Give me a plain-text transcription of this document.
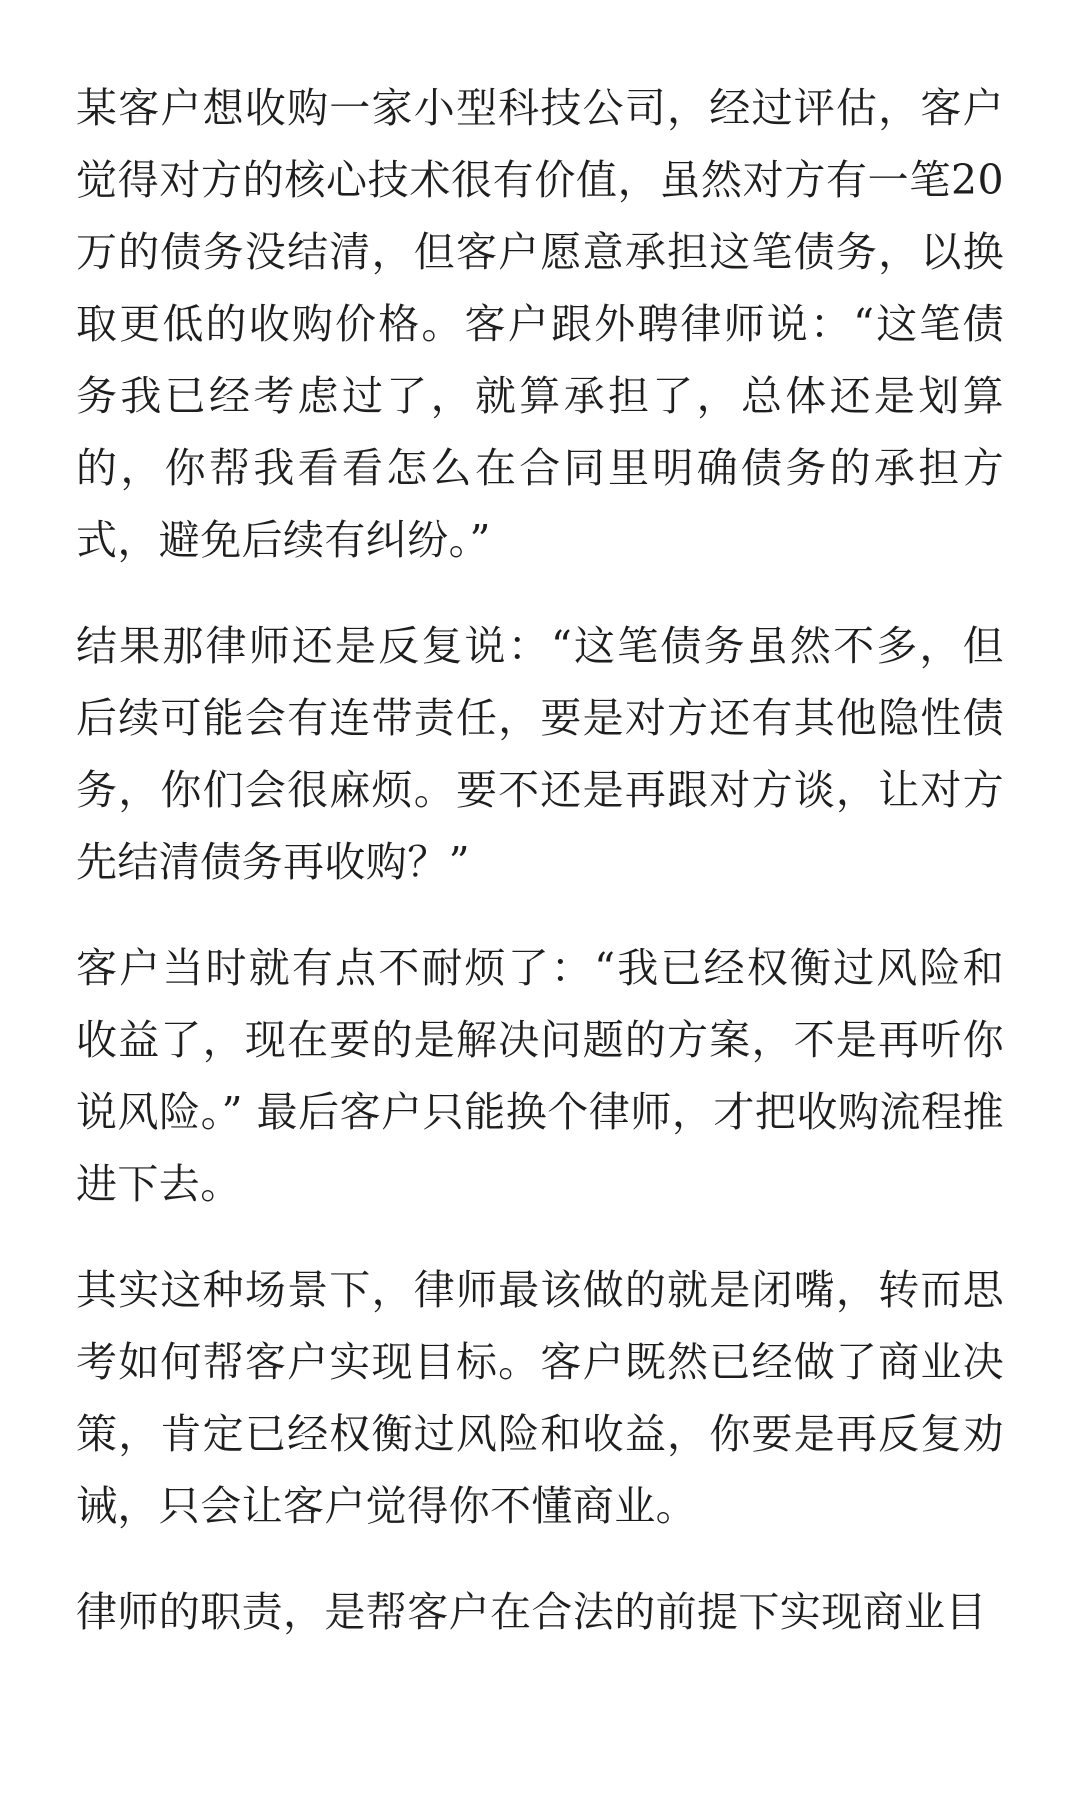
某客户想收购一家小型科技公司，经过评估，客户觉得对方的核心技术很有价值，虽然对方有一笔20万的债务没结清，但客户愿意承担这笔债务，以换取更低的收购价格。客户跟外聘律师说：“这笔债务我已经考虑过了，就算承担了，总体还是划算的，你帮我看看怎么在合同里明确债务的承担方式，避免后续有纠纷。”

结果那律师还是反复说：“这笔债务虽然不多，但后续可能会有连带责任，要是对方还有其他隐性债务，你们会很麻烦。要不还是再跟对方谈，让对方先结清债务再收购？”

客户当时就有点不耐烦了：“我已经权衡过风险和收益了，现在要的是解决问题的方案，不是再听你说风险。” 最后客户只能换个律师，才把收购流程推进下去。

其实这种场景下，律师最该做的就是闭嘴，转而思考如何帮客户实现目标。客户既然已经做了商业决策，肯定已经权衡过风险和收益，你要是再反复劝诫，只会让客户觉得你不懂商业。

律师的职责，是帮客户在合法的前提下实现商业目
